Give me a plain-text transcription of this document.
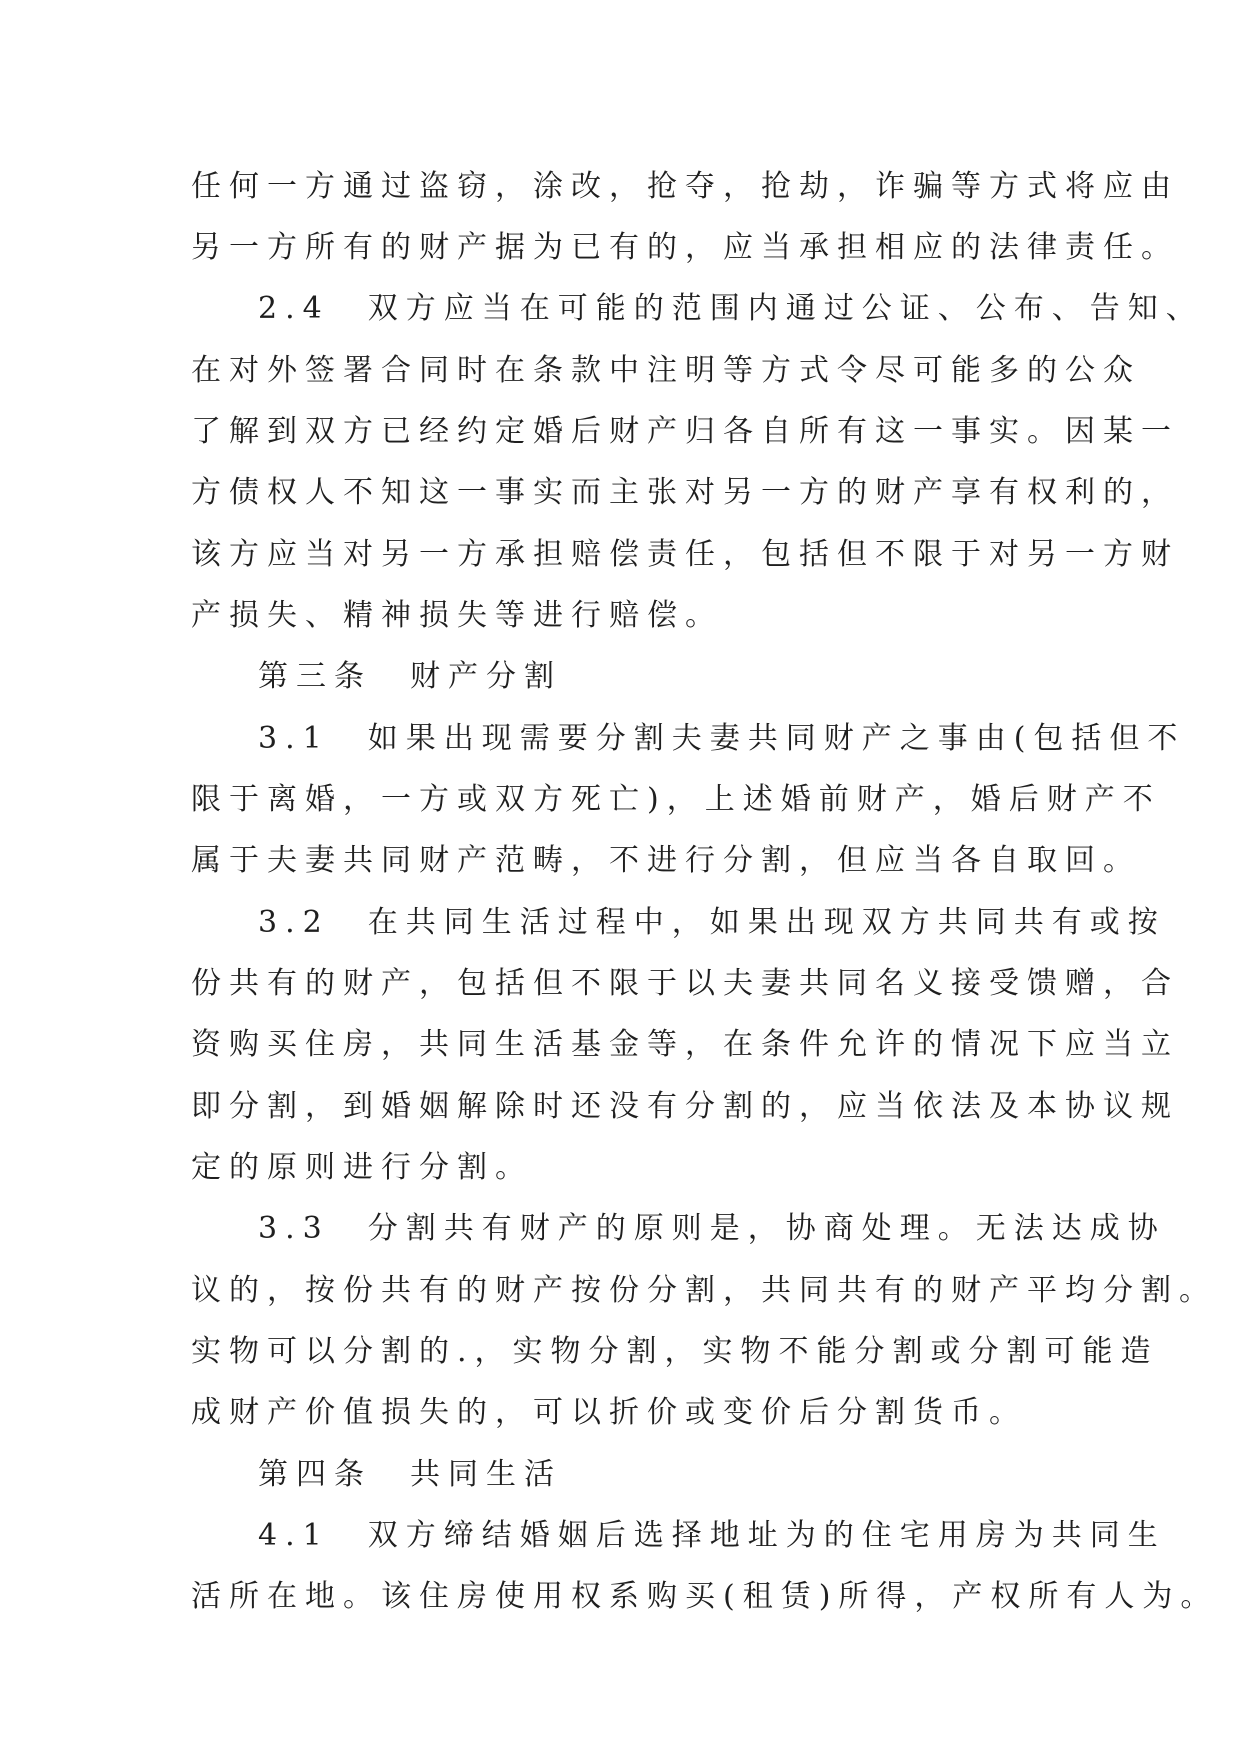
任何一方通过盗窃，涂改，抢夺，抢劫，诈骗等方式将应由
另一方所有的财产据为已有的，应当承担相应的法律责任。
2.4　双方应当在可能的范围内通过公证、公布、告知、
在对外签署合同时在条款中注明等方式令尽可能多的公众
了解到双方已经约定婚后财产归各自所有这一事实。因某一
方债权人不知这一事实而主张对另一方的财产享有权利的，
该方应当对另一方承担赔偿责任，包括但不限于对另一方财
产损失、精神损失等进行赔偿。
第三条　财产分割
3.1　如果出现需要分割夫妻共同财产之事由(包括但不
限于离婚，一方或双方死亡)，上述婚前财产，婚后财产不
属于夫妻共同财产范畴，不进行分割，但应当各自取回。
3.2　在共同生活过程中，如果出现双方共同共有或按
份共有的财产，包括但不限于以夫妻共同名义接受馈赠，合
资购买住房，共同生活基金等，在条件允许的情况下应当立
即分割，到婚姻解除时还没有分割的，应当依法及本协议规
定的原则进行分割。
3.3　分割共有财产的原则是，协商处理。无法达成协
议的，按份共有的财产按份分割，共同共有的财产平均分割。
实物可以分割的.，实物分割，实物不能分割或分割可能造
成财产价值损失的，可以折价或变价后分割货币。
第四条　共同生活
4.1　双方缔结婚姻后选择地址为的住宅用房为共同生
活所在地。该住房使用权系购买(租赁)所得，产权所有人为。
